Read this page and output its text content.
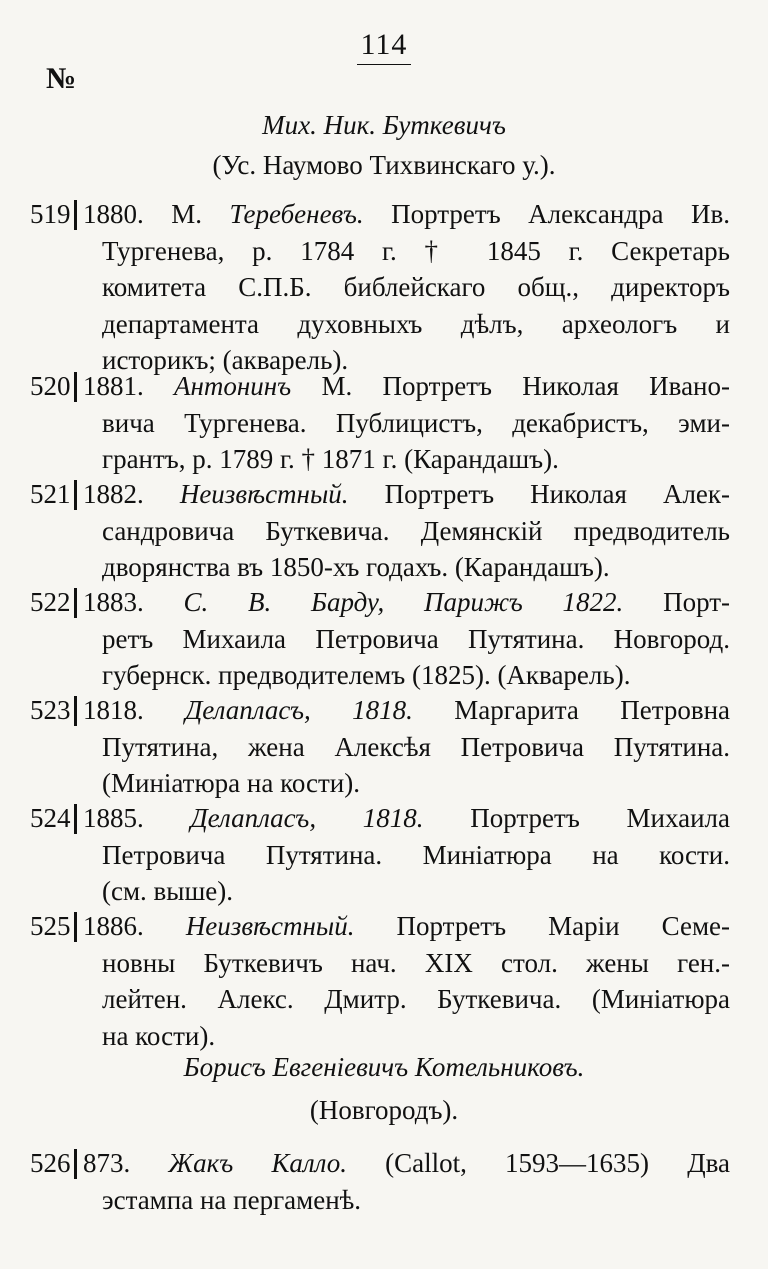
114
№
Мих. Ник. Буткевичъ
(Ус. Наумово Тихвинскаго у.).
Борисъ Евгеніевичъ Котельниковъ.
(Новгородъ).
519 1880. М. Теребеневъ. Портретъ Александра Ив.
Тургенева, р. 1784 г. † 1845 г. Секретарь
комитета С.П.Б. библейскаго общ., директоръ
департамента духовныхъ дѣлъ, археологъ и
историкъ; (акварель).
520 1881. Антонинъ М. Портретъ Николая Ивано-
вича Тургенева. Публицистъ, декабристъ, эми-
грантъ, р. 1789 г. † 1871 г. (Карандашъ).
521 1882. Неизвѣстный. Портретъ Николая Алек-
сандровича Буткевича. Демянскій предводитель
дворянства въ 1850-хъ годахъ. (Карандашъ).
522 1883. С. В. Барду, Парижъ 1822. Порт-
ретъ Михаила Петровича Путятина. Новгород.
губернск. предводителемъ (1825). (Акварель).
523 1818. Делапласъ, 1818. Маргарита Петровна
Путятина, жена Алексѣя Петровича Путятина.
(Миніатюра на кости).
524 1885. Делапласъ, 1818. Портретъ Михаила
Петровича Путятина. Миніатюра на кости.
(см. выше).
525 1886. Неизвѣстный. Портретъ Маріи Семе-
новны Буткевичъ нач. XIX стол. жены ген.-
лейтен. Алекс. Дмитр. Буткевича. (Миніатюра
на кости).
526 873. Жакъ Калло. (Callot, 1593—1635) Два
эстампа на пергаменѣ.
